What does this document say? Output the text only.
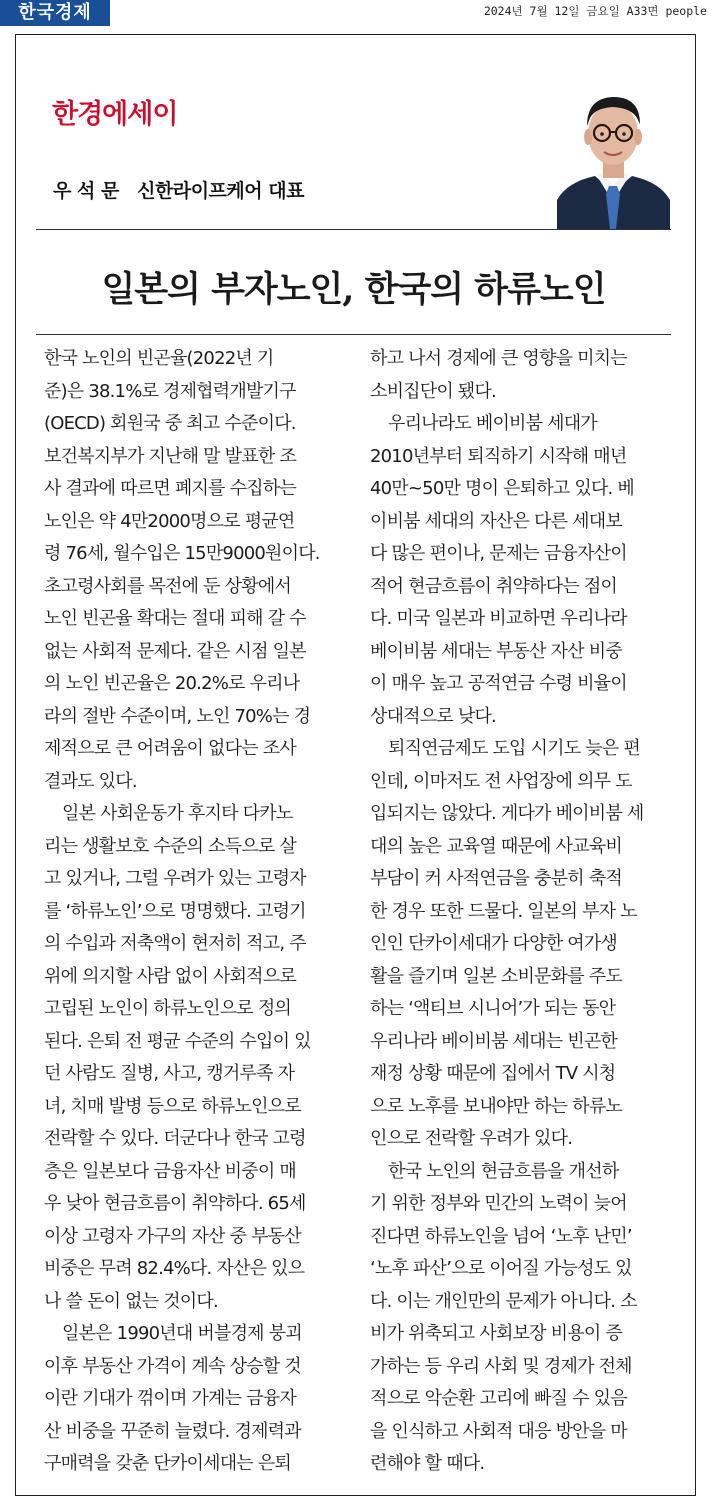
한국경제	2024년 7월 12일 금요일 A33면 people
한경에세이
우 석 문   신한라이프케어 대표
일본의 부자노인, 한국의 하류노인
한국 노인의 빈곤율(2022년 기
준)은 38.1%로 경제협력개발기구
(OECD) 회원국 중 최고 수준이다.
보건복지부가 지난해 말 발표한 조
사 결과에 따르면 폐지를 수집하는
노인은 약 4만2000명으로 평균연
령 76세, 월수입은 15만9000원이다.
초고령사회를 목전에 둔 상황에서
노인 빈곤율 확대는 절대 피해 갈 수
없는 사회적 문제다. 같은 시점 일본
의 노인 빈곤율은 20.2%로 우리나
라의 절반 수준이며, 노인 70%는 경
제적으로 큰 어려움이 없다는 조사
결과도 있다.
일본 사회운동가 후지타 다카노
리는 생활보호 수준의 소득으로 살
고 있거나, 그럴 우려가 있는 고령자
를 ‘하류노인’으로 명명했다. 고령기
의 수입과 저축액이 현저히 적고, 주
위에 의지할 사람 없이 사회적으로
고립된 노인이 하류노인으로 정의
된다. 은퇴 전 평균 수준의 수입이 있
던 사람도 질병, 사고, 캥거루족 자
녀, 치매 발병 등으로 하류노인으로
전락할 수 있다. 더군다나 한국 고령
층은 일본보다 금융자산 비중이 매
우 낮아 현금흐름이 취약하다. 65세
이상 고령자 가구의 자산 중 부동산
비중은 무려 82.4%다. 자산은 있으
나 쓸 돈이 없는 것이다.
일본은 1990년대 버블경제 붕괴
이후 부동산 가격이 계속 상승할 것
이란 기대가 꺾이며 가계는 금융자
산 비중을 꾸준히 늘렸다. 경제력과
구매력을 갖춘 단카이세대는 은퇴
하고 나서 경제에 큰 영향을 미치는
소비집단이 됐다.
우리나라도 베이비붐 세대가
2010년부터 퇴직하기 시작해 매년
40만~50만 명이 은퇴하고 있다. 베
이비붐 세대의 자산은 다른 세대보
다 많은 편이나, 문제는 금융자산이
적어 현금흐름이 취약하다는 점이
다. 미국 일본과 비교하면 우리나라
베이비붐 세대는 부동산 자산 비중
이 매우 높고 공적연금 수령 비율이
상대적으로 낮다.
퇴직연금제도 도입 시기도 늦은 편
인데, 이마저도 전 사업장에 의무 도
입되지는 않았다. 게다가 베이비붐 세
대의 높은 교육열 때문에 사교육비
부담이 커 사적연금을 충분히 축적
한 경우 또한 드물다. 일본의 부자 노
인인 단카이세대가 다양한 여가생
활을 즐기며 일본 소비문화를 주도
하는 ‘액티브 시니어’가 되는 동안
우리나라 베이비붐 세대는 빈곤한
재정 상황 때문에 집에서 TV 시청
으로 노후를 보내야만 하는 하류노
인으로 전락할 우려가 있다.
한국 노인의 현금흐름을 개선하
기 위한 정부와 민간의 노력이 늦어
진다면 하류노인을 넘어 ‘노후 난민’
‘노후 파산’으로 이어질 가능성도 있
다. 이는 개인만의 문제가 아니다. 소
비가 위축되고 사회보장 비용이 증
가하는 등 우리 사회 및 경제가 전체
적으로 악순환 고리에 빠질 수 있음
을 인식하고 사회적 대응 방안을 마
련해야 할 때다.
